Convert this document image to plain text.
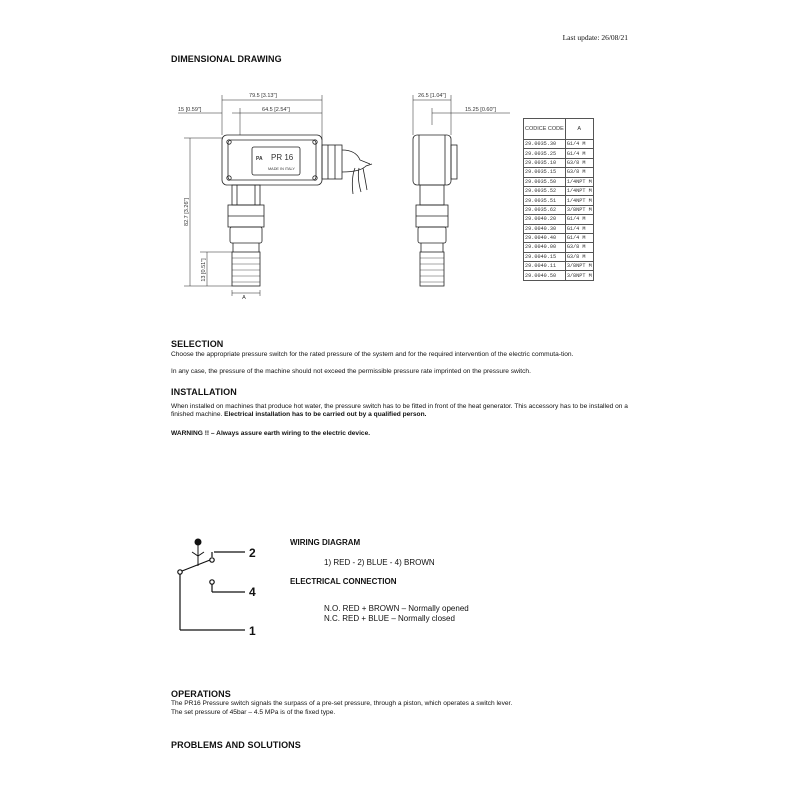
Last update: 26/08/21
DIMENSIONAL DRAWING
79.5 [3.13"]
64.5 [2.54"]
15 [0.59"]
82.7 [3.26"]
13 [0.51"]
A
PA PR 16
MADE IN ITALY
26.5 [1.04"]
15.25 [0.60"]
CODICE CODE	A
29.0035.30	G1/4 M
29.0035.25	G1/4 M
29.0035.10	G3/8 M
29.0035.15	G3/8 M
29.0035.50	1/4NPT M
29.0035.52	1/4NPT M
29.0035.51	1/4NPT M
29.0035.62	3/8NPT M
29.0040.20	G1/4 M
29.0040.30	G1/4 M
29.0040.40	G1/4 M
29.0040.00	G3/8 M
29.0040.15	G3/8 M
29.0040.11	3/8NPT M
29.0040.50	3/8NPT M
SELECTION
Choose the appropriate pressure switch for the rated pressure of the system and for the required intervention of the electric commuta-tion.
In any case, the pressure of the machine should not exceed the permissible pressure rate imprinted on the pressure switch.
INSTALLATION
When installed on machines that produce hot water, the pressure switch has to be fitted in front of the heat generator. This accessory has to be installed on a finished machine. Electrical installation has to be carried out by a qualified person.
WARNING !! – Always assure earth wiring to the electric device.
2
4
1
WIRING DIAGRAM
1) RED - 2) BLUE - 4) BROWN
ELECTRICAL CONNECTION
N.O. RED + BROWN – Normally opened
N.C. RED + BLUE – Normally closed
OPERATIONS
The PR16 Pressure switch signals the surpass of a pre-set pressure, through a piston, which operates a switch lever.
The set pressure of 45bar – 4.5 MPa is of the fixed type.
PROBLEMS AND SOLUTIONS
